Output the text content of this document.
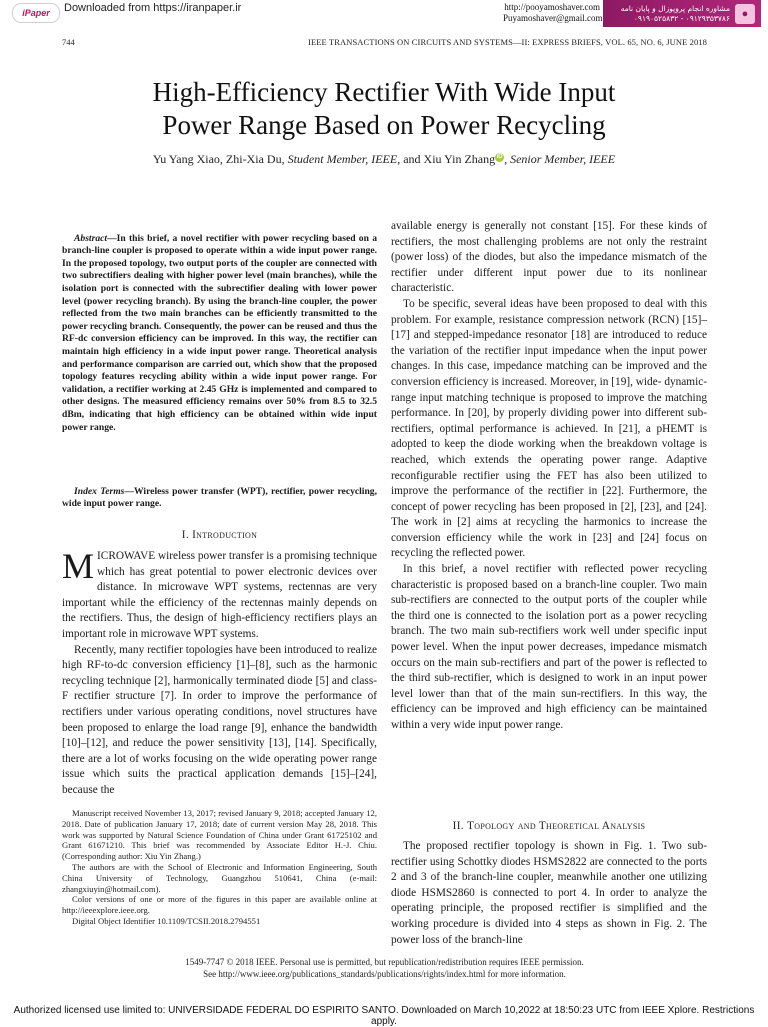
iPaper Downloaded from https://iranpaper.ir	http://pooyamoshaver.com
Puyamoshaver@gmail.com
مشاوره انجام پروپوزال و پایان نامه
۰۹۱۹۰۵۲۵۸۳۲ - ۰۹۱۲۹۳۵۳۷۸۶	●
744	IEEE TRANSACTIONS ON CIRCUITS AND SYSTEMS—II: EXPRESS BRIEFS, VOL. 65, NO. 6, JUNE 2018
High-Efficiency Rectifier With Wide Input
Power Range Based on Power Recycling
Yu Yang Xiao, Zhi-Xia Du, Student Member, IEEE, and Xiu Yin Zhang iD , Senior Member, IEEE

Abstract—In this brief, a novel rectifier with power recycling based on a branch-line coupler is proposed to operate within a wide input power range. In the proposed topology, two output ports of the coupler are connected with two subrectifiers dealing with higher power level (main branches), while the isolation port is connected with the subrectifier dealing with lower power level (power recycling branch). By using the branch-line coupler, the power reflected from the two main branches can be efficiently transmitted to the power recycling branch. Consequently, the power can be reused and thus the RF-dc conversion efficiency can be improved. In this way, the rectifier can maintain high efficiency in a wide input power range. Theoretical analysis and performance comparison are carried out, which show that the proposed topology features recycling ability within a wide input power range. For validation, a rectifier working at 2.45 GHz is implemented and compared to other designs. The measured efficiency remains over 50% from 8.5 to 32.5 dBm, indicating that high efficiency can be obtained within wide input power range.

Index Terms—Wireless power transfer (WPT), rectifier, power recycling, wide input power range.

I. Introduction

MICROWAVE wireless power transfer is a promising technique which has great potential to power electronic devices over distance. In microwave WPT systems, rectennas are very important while the efficiency of the rectennas mainly depends on the rectifiers. Thus, the design of high-efficiency rectifiers plays an important role in microwave WPT systems.

Recently, many rectifier topologies have been introduced to realize high RF-to-dc conversion efficiency [1]–[8], such as the harmonic recycling technique [2], harmonically terminated diode [5] and class-F rectifier structure [7]. In order to improve the performance of rectifiers under various operating conditions, novel structures have been proposed to enlarge the load range [9], enhance the bandwidth [10]–[12], and reduce the power sensitivity [13], [14]. Specifically, there are a lot of works focusing on the wide operating power range issue which suits the practical application demands [15]–[24], because the

Manuscript received November 13, 2017; revised January 9, 2018; accepted January 12, 2018. Date of publication January 17, 2018; date of current version May 28, 2018. This work was supported by Natural Science Foundation of China under Grant 61725102 and Grant 61671210. This brief was recommended by Associate Editor H.-J. Chiu. (Corresponding author: Xiu Yin Zhang.)

The authors are with the School of Electronic and Information Engineering, South China University of Technology, Guangzhou 510641, China (e-mail: zhangxiuyin@hotmail.com).

Color versions of one or more of the figures in this paper are available online at http://ieeexplore.ieee.org.

Digital Object Identifier 10.1109/TCSII.2018.2794551

available energy is generally not constant [15]. For these kinds of rectifiers, the most challenging problems are not only the restraint (power loss) of the diodes, but also the impedance mismatch of the rectifier under different input power due to its nonlinear characteristic.

To be specific, several ideas have been proposed to deal with this problem. For example, resistance compression network (RCN) [15]–[17] and stepped-impedance resonator [18] are introduced to reduce the variation of the rectifier input impedance when the input power changes. In this case, impedance matching can be improved and the conversion efficiency is increased. Moreover, in [19], wide- dynamic-range input matching technique is proposed to improve the matching performance. In [20], by properly dividing power into different sub-rectifiers, optimal performance is achieved. In [21], a pHEMT is adopted to keep the diode working when the breakdown voltage is reached, which extends the operating power range. Adaptive reconfigurable rectifier using the FET has also been utilized to improve the performance of the rectifier in [22]. Furthermore, the concept of power recycling has been proposed in [2], [23], and [24]. The work in [2] aims at recycling the harmonics to increase the conversion efficiency while the work in [23] and [24] focus on recycling the reflected power.

In this brief, a novel rectifier with reflected power recycling characteristic is proposed based on a branch-line coupler. Two main sub-rectifiers are connected to the output ports of the coupler while the third one is connected to the isolation port as a power recycling branch. The two main sub-rectifiers work well under specific input power level. When the input power decreases, impedance mismatch occurs on the main sub-rectifiers and part of the power is reflected to the third sub-rectifier, which is designed to work in an input power level lower than that of the main sun-rectifiers. In this way, the efficiency can be improved and high efficiency can be maintained within a very wide input power range.

II. Topology and Theoretical Analysis

The proposed rectifier topology is shown in Fig. 1. Two sub-rectifier using Schottky diodes HSMS2822 are connected to the ports 2 and 3 of the branch-line coupler, meanwhile another one utilizing diode HSMS2860 is connected to port 4. In order to analyze the operating principle, the proposed rectifier is simplified and the working procedure is divided into 4 steps as shown in Fig. 2. The power loss of the branch-line

1549-7747 © 2018 IEEE. Personal use is permitted, but republication/redistribution requires IEEE permission.
See http://www.ieee.org/publications_standards/publications/rights/index.html for more information.
Authorized licensed use limited to: UNIVERSIDADE FEDERAL DO ESPIRITO SANTO. Downloaded on March 10,2022 at 18:50:23 UTC from IEEE Xplore. Restrictions apply.
